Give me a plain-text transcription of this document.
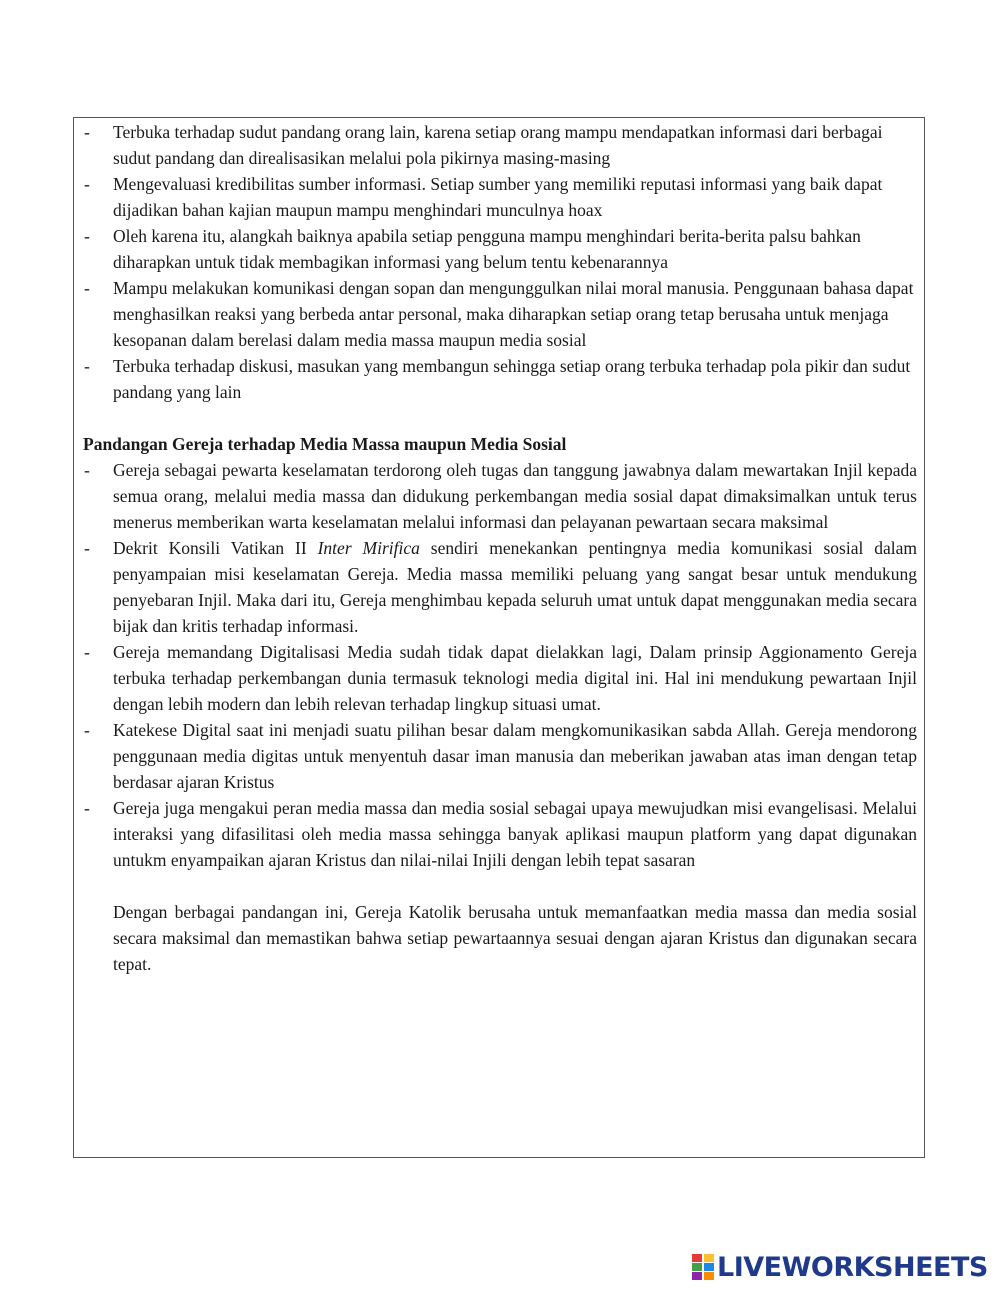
- Terbuka terhadap sudut pandang orang lain, karena setiap orang mampu mendapatkan informasi dari berbagai sudut pandang dan direalisasikan melalui pola pikirnya masing-masing
- Mengevaluasi kredibilitas sumber informasi. Setiap sumber yang memiliki reputasi informasi yang baik dapat dijadikan bahan kajian maupun mampu menghindari munculnya hoax
- Oleh karena itu, alangkah baiknya apabila setiap pengguna mampu menghindari berita-berita palsu bahkan diharapkan untuk tidak membagikan informasi yang belum tentu kebenarannya
- Mampu melakukan komunikasi dengan sopan dan mengunggulkan nilai moral manusia. Penggunaan bahasa dapat menghasilkan reaksi yang berbeda antar personal, maka diharapkan setiap orang tetap berusaha untuk menjaga kesopanan dalam berelasi dalam media massa maupun media sosial
- Terbuka terhadap diskusi, masukan yang membangun sehingga setiap orang terbuka terhadap pola pikir dan sudut pandang yang lain
Pandangan Gereja terhadap Media Massa maupun Media Sosial
- Gereja sebagai pewarta keselamatan terdorong oleh tugas dan tanggung jawabnya dalam mewartakan Injil kepada semua orang, melalui media massa dan didukung perkembangan media sosial dapat dimaksimalkan untuk terus menerus memberikan warta keselamatan melalui informasi dan pelayanan pewartaan secara maksimal
- Dekrit Konsili Vatikan II Inter Mirifica sendiri menekankan pentingnya media komunikasi sosial dalam penyampaian misi keselamatan Gereja. Media massa memiliki peluang yang sangat besar untuk mendukung penyebaran Injil. Maka dari itu, Gereja menghimbau kepada seluruh umat untuk dapat menggunakan media secara bijak dan kritis terhadap informasi.
- Gereja memandang Digitalisasi Media sudah tidak dapat dielakkan lagi, Dalam prinsip Aggionamento Gereja terbuka terhadap perkembangan dunia termasuk teknologi media digital ini. Hal ini mendukung pewartaan Injil dengan lebih modern dan lebih relevan terhadap lingkup situasi umat.
- Katekese Digital saat ini menjadi suatu pilihan besar dalam mengkomunikasikan sabda Allah. Gereja mendorong penggunaan media digitas untuk menyentuh dasar iman manusia dan meberikan jawaban atas iman dengan tetap berdasar ajaran Kristus
- Gereja juga mengakui peran media massa dan media sosial sebagai upaya mewujudkan misi evangelisasi. Melalui interaksi yang difasilitasi oleh media massa sehingga banyak aplikasi maupun platform yang dapat digunakan untukm enyampaikan ajaran Kristus dan nilai-nilai Injili dengan lebih tepat sasaran
Dengan berbagai pandangan ini, Gereja Katolik berusaha untuk memanfaatkan media massa dan media sosial secara maksimal dan memastikan bahwa setiap pewartaannya sesuai dengan ajaran Kristus dan digunakan secara tepat.
LIVEWORKSHEETS
